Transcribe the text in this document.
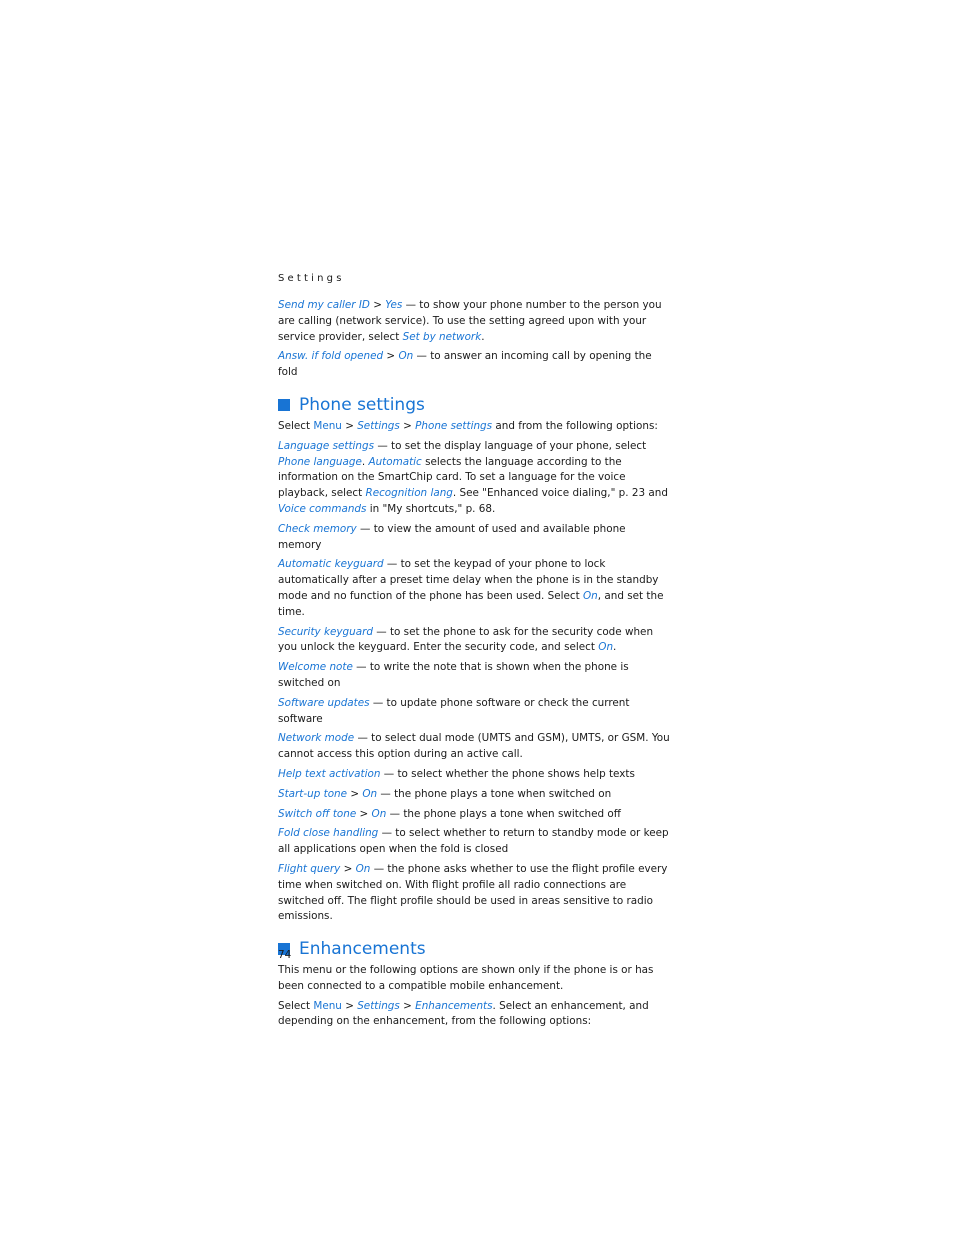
Settings

Send my caller ID > Yes — to show your phone number to the person you are calling (network service). To use the setting agreed upon with your service provider, select Set by network.

Answ. if fold opened > On — to answer an incoming call by opening the fold

Phone settings

Select Menu > Settings > Phone settings and from the following options:

Language settings — to set the display language of your phone, select Phone language. Automatic selects the language according to the information on the SmartChip card. To set a language for the voice playback, select Recognition lang. See "Enhanced voice dialing," p. 23 and Voice commands in "My shortcuts," p. 68.

Check memory — to view the amount of used and available phone memory

Automatic keyguard — to set the keypad of your phone to lock automatically after a preset time delay when the phone is in the standby mode and no function of the phone has been used. Select On, and set the time.

Security keyguard — to set the phone to ask for the security code when you unlock the keyguard. Enter the security code, and select On.

Welcome note — to write the note that is shown when the phone is switched on

Software updates — to update phone software or check the current software

Network mode — to select dual mode (UMTS and GSM), UMTS, or GSM. You cannot access this option during an active call.

Help text activation — to select whether the phone shows help texts

Start-up tone > On — the phone plays a tone when switched on

Switch off tone > On — the phone plays a tone when switched off

Fold close handling — to select whether to return to standby mode or keep all applications open when the fold is closed

Flight query > On — the phone asks whether to use the flight profile every time when switched on. With flight profile all radio connections are switched off. The flight profile should be used in areas sensitive to radio emissions.

Enhancements

This menu or the following options are shown only if the phone is or has been connected to a compatible mobile enhancement.

Select Menu > Settings > Enhancements. Select an enhancement, and depending on the enhancement, from the following options:

74
